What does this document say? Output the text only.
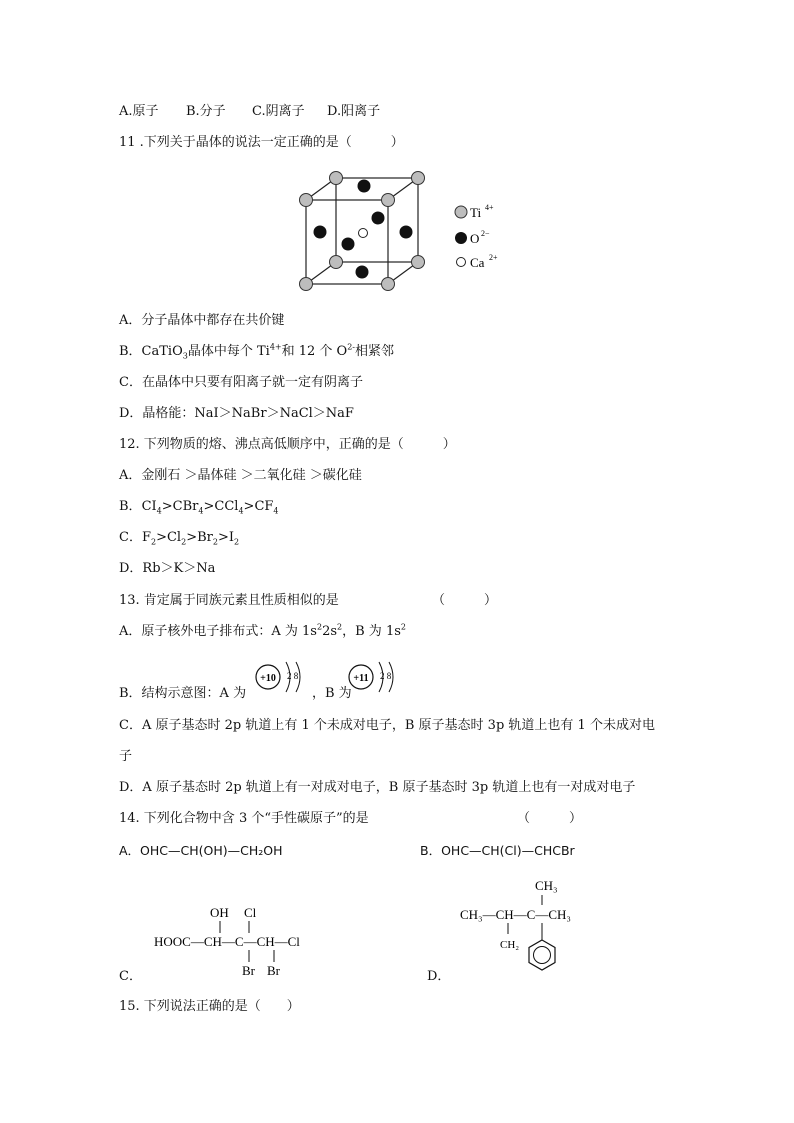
A.原子 B.分子 C.阴离子 D.阳离子
11 .下列关于晶体的说法一定正确的是（　　　）
Ti 4+
O 2−
Ca 2+
A．分子晶体中都存在共价键
B．CaTiO$_3$晶体中每个 $Ti^{4+}$和 12 个 $O^{2-}$相紧邻
C．在晶体中只要有阳离子就一定有阴离子
D．晶格能：NaI＞NaBr＞NaCl＞NaF
12. 下列物质的熔、沸点高低顺序中，正确的是（　　　）
A．金刚石 ＞晶体硅 ＞二氧化硅 ＞碳化硅
B．$CI_4>CBr_4>CCl_4>CF_4$
C．$F_2>Cl_2>Br_2>I_2$
D．Rb＞K＞Na
13. 肯定属于同族元素且性质相似的是	（　　　）
A．原子核外电子排布式：A 为 $1s^22s^2$，B 为 $1s^2$
B．结构示意图：A 为
+10 2 8
，B 为
+11 2 8
C．A 原子基态时 2p 轨道上有 1 个未成对电子，B 原子基态时 3p 轨道上也有 1 个未成对电
子
D．A 原子基态时 2p 轨道上有一对成对电子，B 原子基态时 3p 轨道上也有一对成对电子
14. 下列化合物中含 3 个“手性碳原子”的是	（　　　）
A．OHC—CH(OH)—CH₂OH	B．OHC—CH(Cl)—CHCBr
OH Cl
HOOC—CH—C—CH—Cl
Br Br
C．
CH₃
CH₃—CH—C—CH₃
CH₂
D．
15. 下列说法正确的是（　　）
